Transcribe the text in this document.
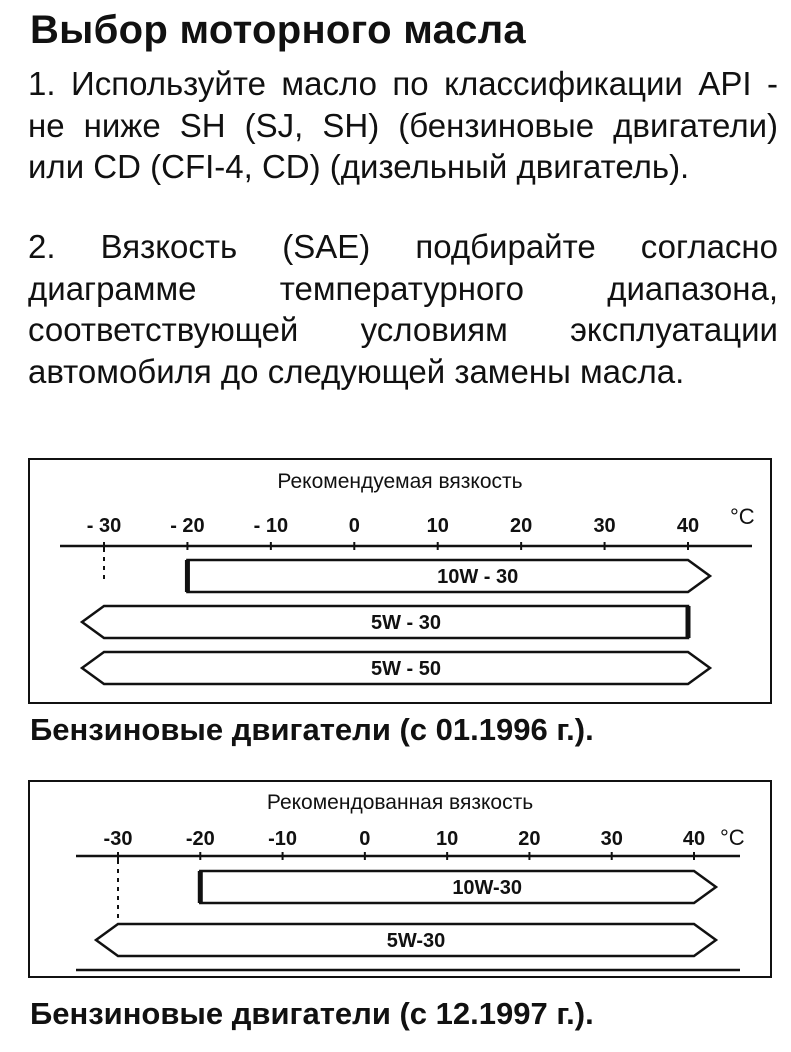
Выбор моторного масла
1. Используйте масло по классификации API - не ниже SH (SJ, SH) (бензиновые двигатели) или CD (CFI-4, CD) (дизельный двигатель).
2. Вязкость (SAE) подбирайте согласно диаграмме температурного диапазона, соответствующей условиям эксплуатации автомобиля до следующей замены масла.
Рекомендуемая вязкость
- 30 - 20 - 10	0	10	20	30	40 °C
10W - 30
5W - 30
5W - 50
Бензиновые двигатели (с 01.1996 г.).
Рекомендованная вязкость
-30	-20	-10	0	10	20	30	40 °C
10W-30
5W-30
Бензиновые двигатели (с 12.1997 г.).
